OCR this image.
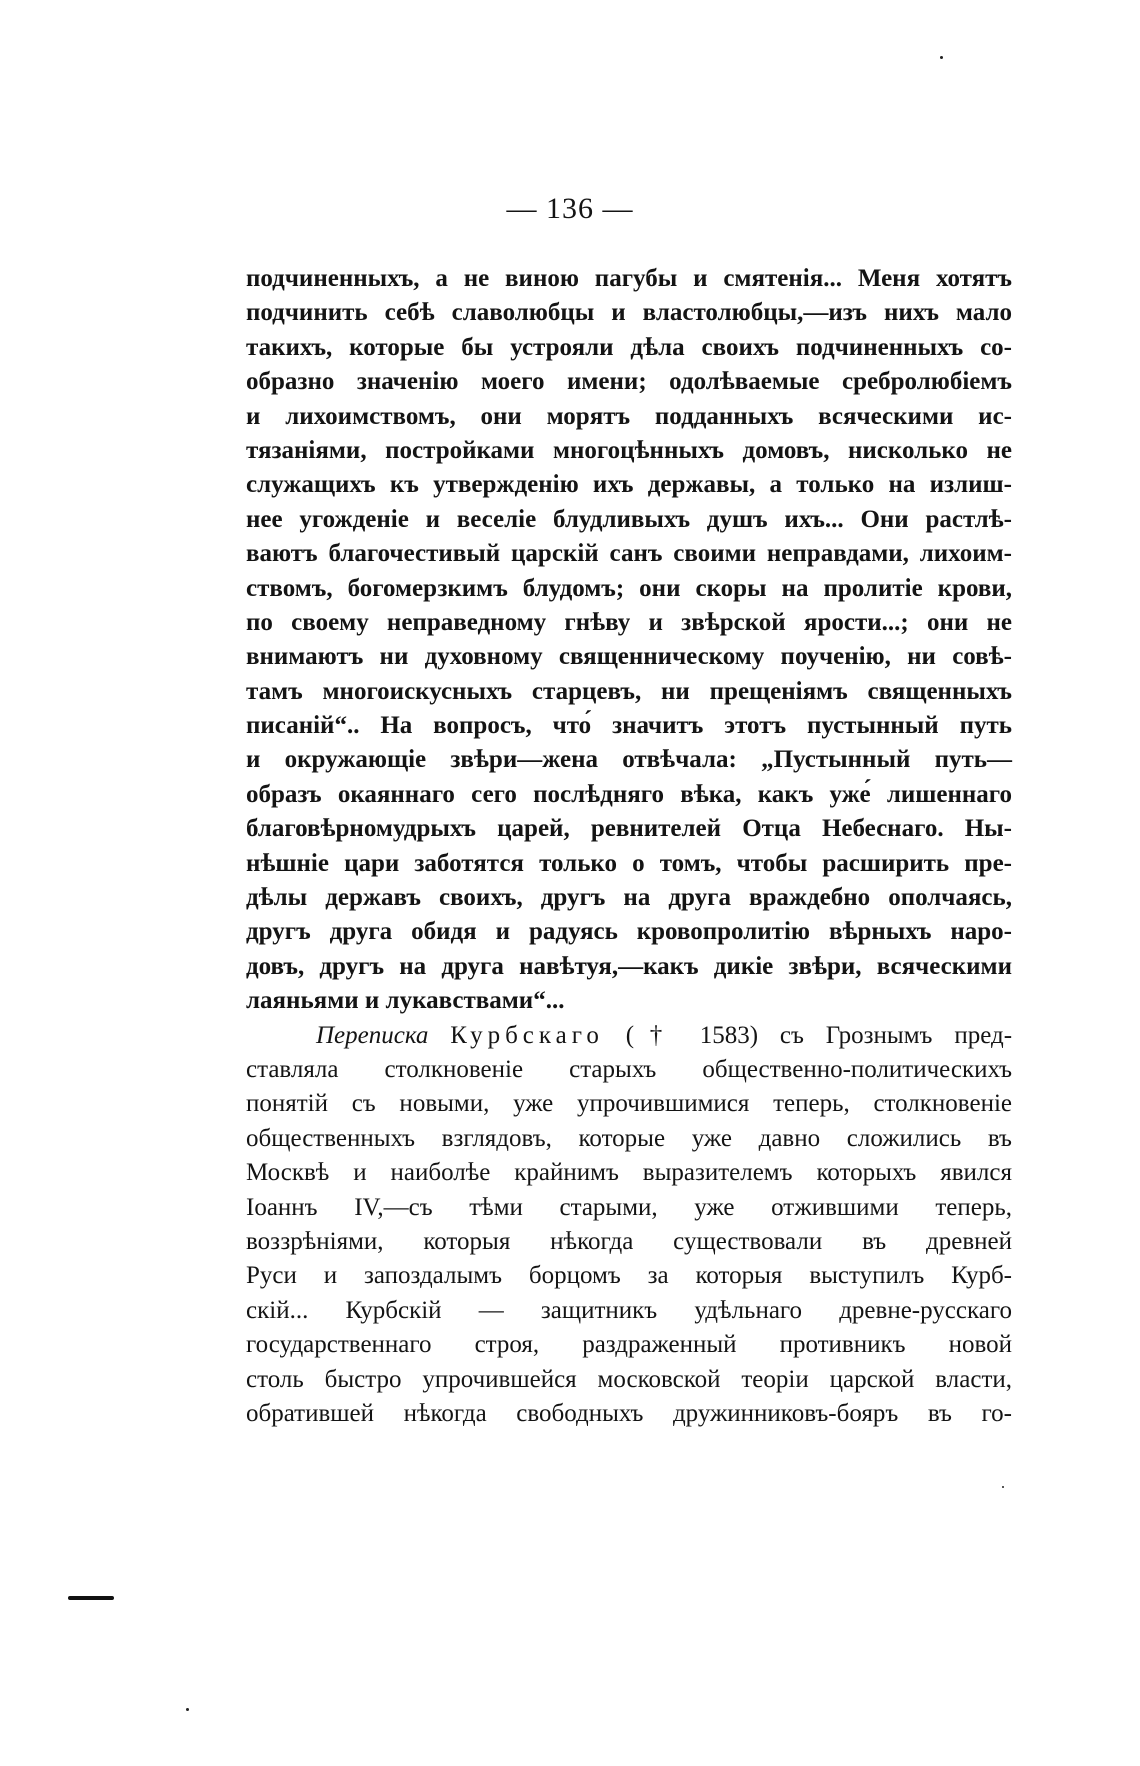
— 136 —
подчиненныхъ, а не виною пагубы и смятенія... Меня хотятъ
подчинить себѣ славолюбцы и властолюбцы,—изъ нихъ мало
такихъ, которые бы устрояли дѣла своихъ подчиненныхъ со-
образно значенію моего имени; одолѣваемые сребролюбіемъ
и лихоимствомъ, они морятъ подданныхъ всяческими ис-
тязаніями, постройками многоцѣнныхъ домовъ, нисколько не
служащихъ къ утвержденію ихъ державы, а только на излиш-
нее угожденіе и веселіе блудливыхъ душъ ихъ... Они растлѣ-
ваютъ благочестивый царскій санъ своими неправдами, лихоим-
ствомъ, богомерзкимъ блудомъ; они скоры на пролитіе крови,
по своему неправедному гнѣву и звѣрской ярости...; они не
внимаютъ ни духовному священническому поученію, ни совѣ-
тамъ многоискусныхъ старцевъ, ни прещеніямъ священныхъ
писаній“.. На вопросъ, что́ значитъ этотъ пустынный путь
и окружающіе звѣри—жена отвѣчала: „Пустынный путь—
образъ окаяннаго сего послѣдняго вѣка, какъ уже́ лишеннаго
благовѣрномудрыхъ царей, ревнителей Отца Небеснаго. Ны-
нѣшніе цари заботятся только о томъ, чтобы расширить пре-
дѣлы державъ своихъ, другъ на друга враждебно ополчаясь,
другъ друга обидя и радуясь кровопролитію вѣрныхъ наро-
довъ, другъ на друга навѣтуя,—какъ дикіе звѣри, всяческими
лаяньями и лукавствами“...
Переписка Курбскаго († 1583) съ Грознымъ пред-
ставляла столкновеніе старыхъ общественно-политическихъ
понятій съ новыми, уже упрочившимися теперь, столкновеніе
общественныхъ взглядовъ, которые уже давно сложились въ
Москвѣ и наиболѣе крайнимъ выразителемъ которыхъ явился
Іоаннъ IV,—съ тѣми старыми, уже отжившими теперь,
воззрѣніями, которыя нѣкогда существовали въ древней
Руси и запоздалымъ борцомъ за которыя выступилъ Курб-
скій... Курбскій — защитникъ удѣльнаго древне-русскаго
государственнаго строя, раздраженный противникъ новой
столь быстро упрочившейся московской теоріи царской власти,
обратившей нѣкогда свободныхъ дружинниковъ-бояръ въ го-
